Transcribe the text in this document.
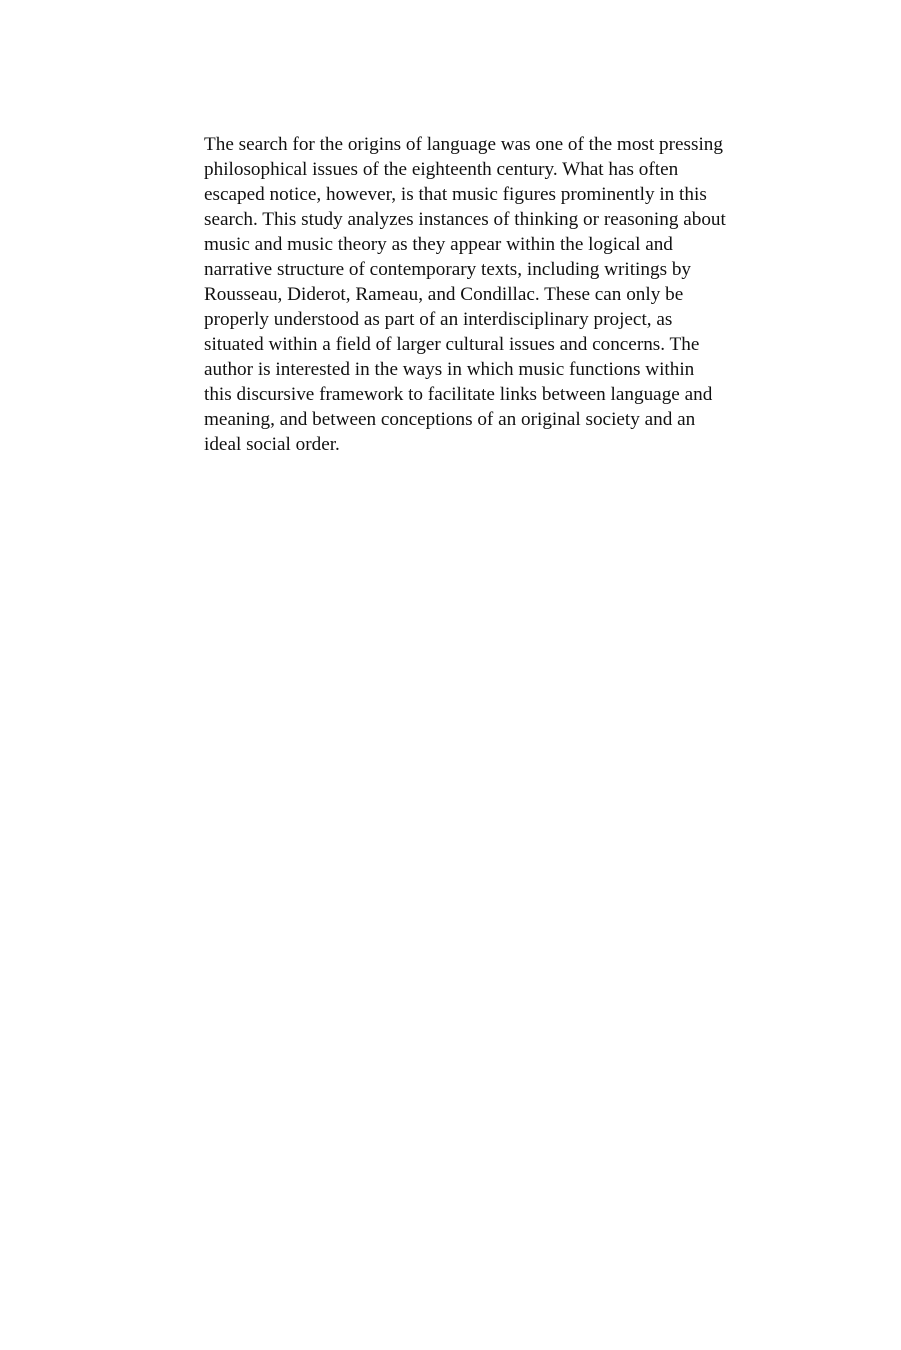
The search for the origins of language was one of the most pressing
philosophical issues of the eighteenth century. What has often
escaped notice, however, is that music figures prominently in this
search. This study analyzes instances of thinking or reasoning about
music and music theory as they appear within the logical and
narrative structure of contemporary texts, including writings by
Rousseau, Diderot, Rameau, and Condillac. These can only be
properly understood as part of an interdisciplinary project, as
situated within a field of larger cultural issues and concerns. The
author is interested in the ways in which music functions within
this discursive framework to facilitate links between language and
meaning, and between conceptions of an original society and an
ideal social order.
